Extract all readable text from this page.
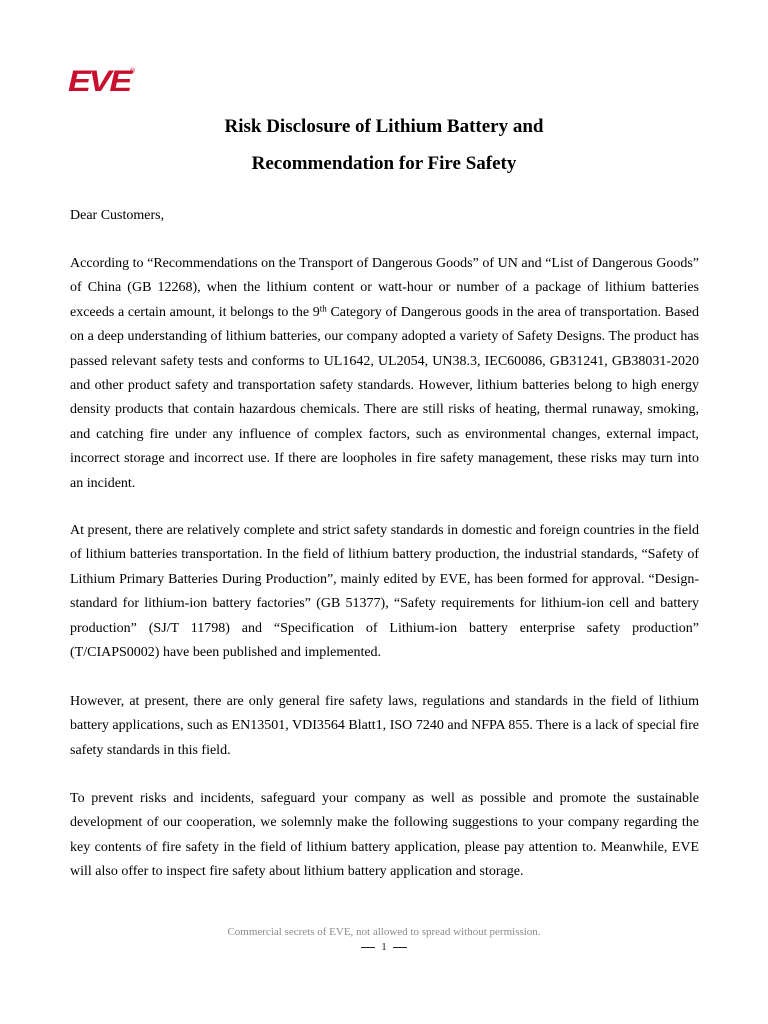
EVE
®
Risk Disclosure of Lithium Battery and
Recommendation for Fire Safety
Dear Customers,
According to “Recommendations on the Transport of Dangerous Goods” of UN and “List of Dangerous Goods” of China (GB 12268), when the lithium content or watt-hour or number of a package of lithium batteries exceeds a certain amount, it belongs to the 9th Category of Dangerous goods in the area of transportation. Based on a deep understanding of lithium batteries, our company adopted a variety of Safety Designs. The product has passed relevant safety tests and conforms to UL1642, UL2054, UN38.3, IEC60086, GB31241, GB38031-2020 and other product safety and transportation safety standards. However, lithium batteries belong to high energy density products that contain hazardous chemicals. There are still risks of heating, thermal runaway, smoking, and catching fire under any influence of complex factors, such as environmental changes, external impact, incorrect storage and incorrect use. If there are loopholes in fire safety management, these risks may turn into an incident.
At present, there are relatively complete and strict safety standards in domestic and foreign countries in the field of lithium batteries transportation. In the field of lithium battery production, the industrial standards, “Safety of Lithium Primary Batteries During Production”, mainly edited by EVE, has been formed for approval. “Design-standard for lithium-ion battery factories” (GB 51377), “Safety requirements for lithium-ion cell and battery production” (SJ/T 11798) and “Specification of Lithium-ion battery enterprise safety production” (T/CIAPS0002) have been published and implemented.
However, at present, there are only general fire safety laws, regulations and standards in the field of lithium battery applications, such as EN13501, VDI3564 Blatt1, ISO 7240 and NFPA 855. There is a lack of special fire safety standards in this field.
To prevent risks and incidents, safeguard your company as well as possible and promote the sustainable development of our cooperation, we solemnly make the following suggestions to your company regarding the key contents of fire safety in the field of lithium battery application, please pay attention to. Meanwhile, EVE will also offer to inspect fire safety about lithium battery application and storage.
Commercial secrets of EVE, not allowed to spread without permission.
1
